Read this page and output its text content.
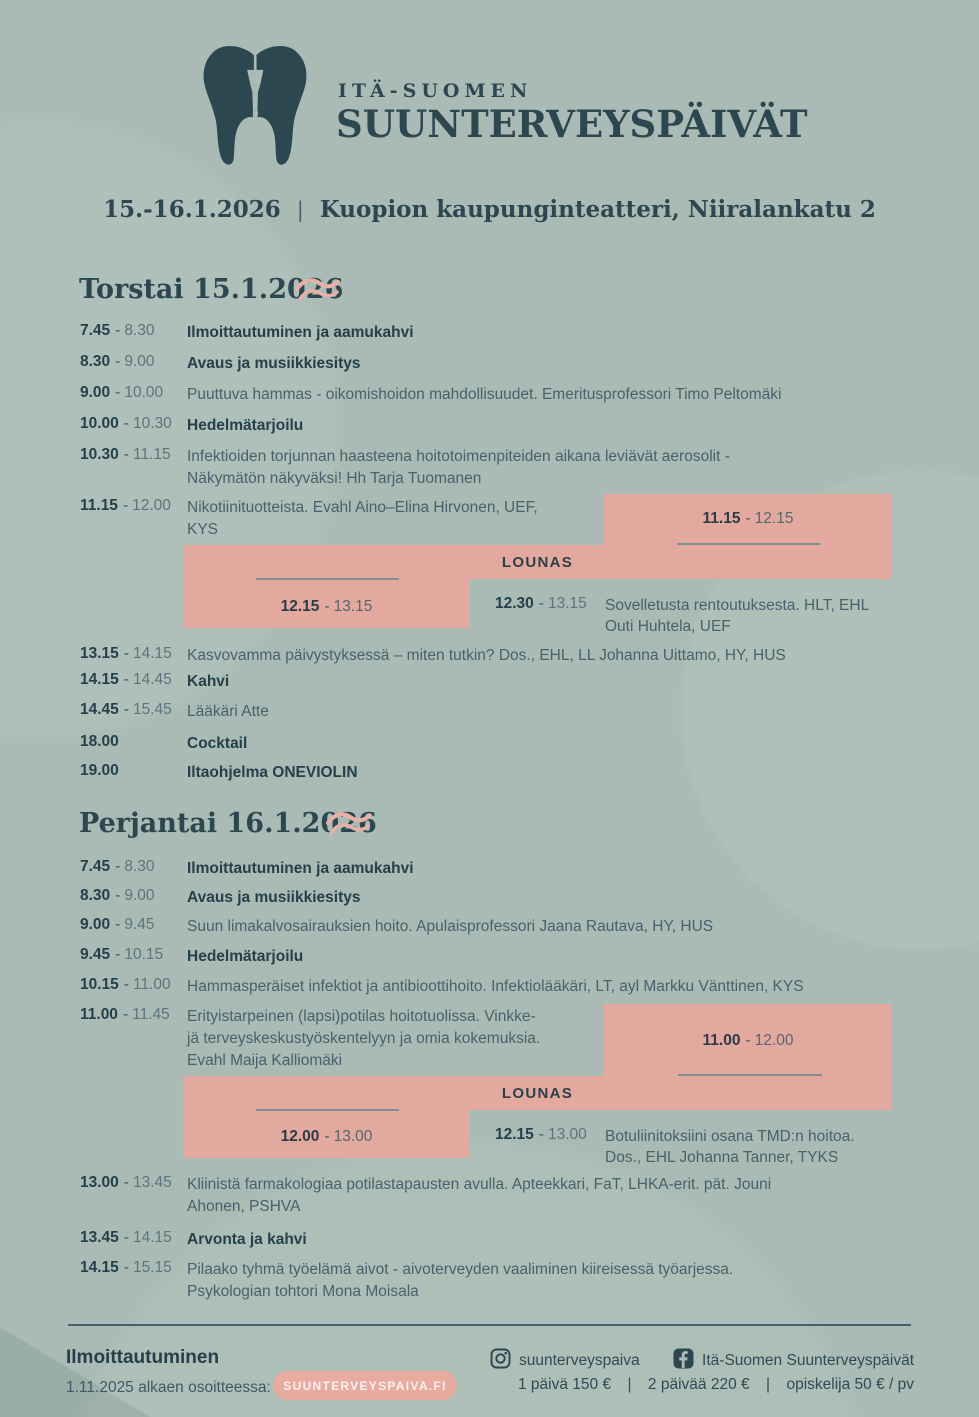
ITÄ-SUOMEN
SUUNTERVEYSPÄIVÄT
15.-16.1.2026 | Kuopion kaupunginteatteri, Niiralankatu 2
Torstai 15.1.2026
7.45 - 8.30 Ilmoittautuminen ja aamukahvi
8.30 - 9.00 Avaus ja musiikkiesitys
9.00 - 10.00 Puuttuva hammas - oikomishoidon mahdollisuudet. Emeritusprofessori Timo Peltomäki
10.00 - 10.30 Hedelmätarjoilu
10.30 - 11.15 Infektioiden torjunnan haasteena hoitotoimenpiteiden aikana leviävät aerosolit -
Näkymätön näkyväksi! Hh Tarja Tuomanen
11.15 - 12.00 Nikotiinituotteista. Evahl Aino–Elina Hirvonen, UEF,
KYS
11.15 - 12.15
LOUNAS
12.15 - 13.15	12.30 - 13.15 Sovelletusta rentoutuksesta. HLT, EHL
Outi Huhtela, UEF
13.15 - 14.15 Kasvovamma päivystyksessä – miten tutkin? Dos., EHL, LL Johanna Uittamo, HY, HUS
14.15 - 14.45 Kahvi
14.45 - 15.45 Lääkäri Atte
18.00	Cocktail
19.00	Iltaohjelma ONEVIOLIN
Perjantai 16.1.2026
7.45 - 8.30 Ilmoittautuminen ja aamukahvi
8.30 - 9.00 Avaus ja musiikkiesitys
9.00 - 9.45 Suun limakalvosairauksien hoito. Apulaisprofessori Jaana Rautava, HY, HUS
9.45 - 10.15 Hedelmätarjoilu
10.15 - 11.00 Hammasperäiset infektiot ja antibioottihoito. Infektiolääkäri, LT, ayl Markku Vänttinen, KYS
11.00 - 11.45 Erityistarpeinen (lapsi)potilas hoitotuolissa. Vinkke-
jä terveyskeskustyöskentelyyn ja omia kokemuksia.
Evahl Maija Kalliomäki
11.00 - 12.00
LOUNAS
12.00 - 13.00	12.15 - 13.00 Botuliinitoksiini osana TMD:n hoitoa.
Dos., EHL Johanna Tanner, TYKS
13.00 - 13.45 Kliinistä farmakologiaa potilastapausten avulla. Apteekkari, FaT, LHKA-erit. pät. Jouni
Ahonen, PSHVA
13.45 - 14.15 Arvonta ja kahvi
14.15 - 15.15 Pilaako tyhmä työelämä aivot - aivoterveyden vaaliminen kiireisessä työarjessa.
Psykologian tohtori Mona Moisala
Ilmoittautuminen
1.11.2025 alkaen osoitteessa:	SUUNTERVEYSPAIVA.FI
suunterveyspaiva	Itä-Suomen Suunterveyspäivät
1 päivä 150 € | 2 päivää 220 € | opiskelija 50 € / pv
